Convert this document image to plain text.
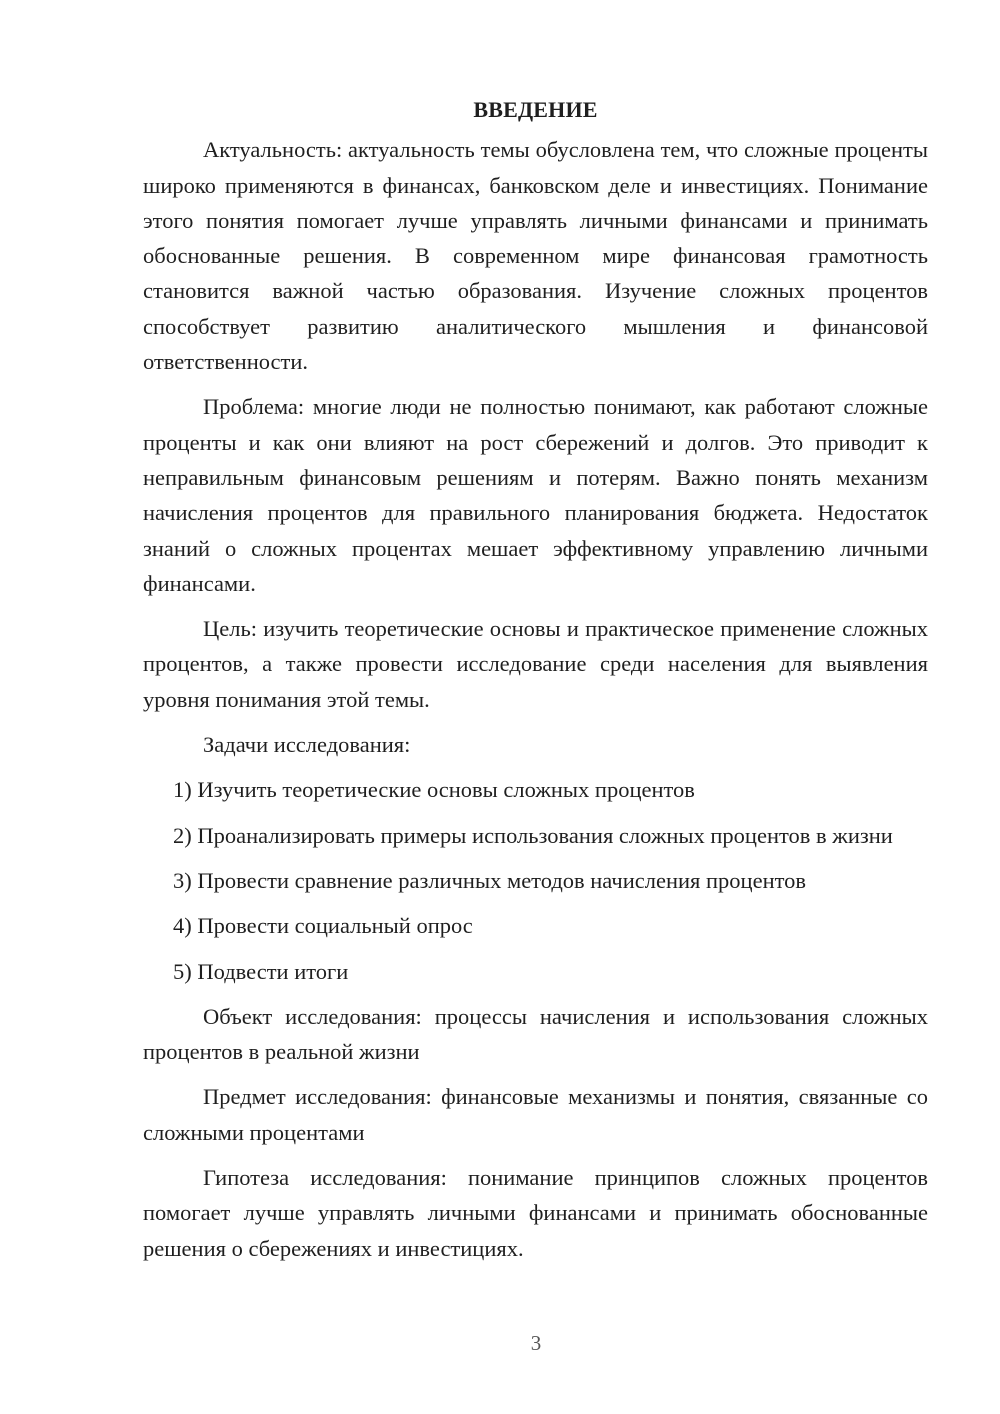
ВВЕДЕНИЕ

Актуальность: актуальность темы обусловлена тем, что сложные проценты широко применяются в финансах, банковском деле и инвестициях. Понимание этого понятия помогает лучше управлять личными финансами и принимать обоснованные решения. В современном мире финансовая грамотность становится важной частью образования. Изучение сложных процентов способствует развитию аналитического мышления и финансовой ответственности.

Проблема: многие люди не полностью понимают, как работают сложные проценты и как они влияют на рост сбережений и долгов. Это приводит к неправильным финансовым решениям и потерям. Важно понять механизм начисления процентов для правильного планирования бюджета. Недостаток знаний о сложных процентах мешает эффективному управлению личными финансами.

Цель: изучить теоретические основы и практическое применение сложных процентов, а также провести исследование среди населения для выявления уровня понимания этой темы.

Задачи исследования:

1) Изучить теоретические основы сложных процентов

2) Проанализировать примеры использования сложных процентов в жизни

3) Провести сравнение различных методов начисления процентов

4) Провести социальный опрос

5) Подвести итоги

Объект исследования: процессы начисления и использования сложных процентов в реальной жизни

Предмет исследования: финансовые механизмы и понятия, связанные со сложными процентами

Гипотеза исследования: понимание принципов сложных процентов помогает лучше управлять личными финансами и принимать обоснованные решения о сбережениях и инвестициях.

3
